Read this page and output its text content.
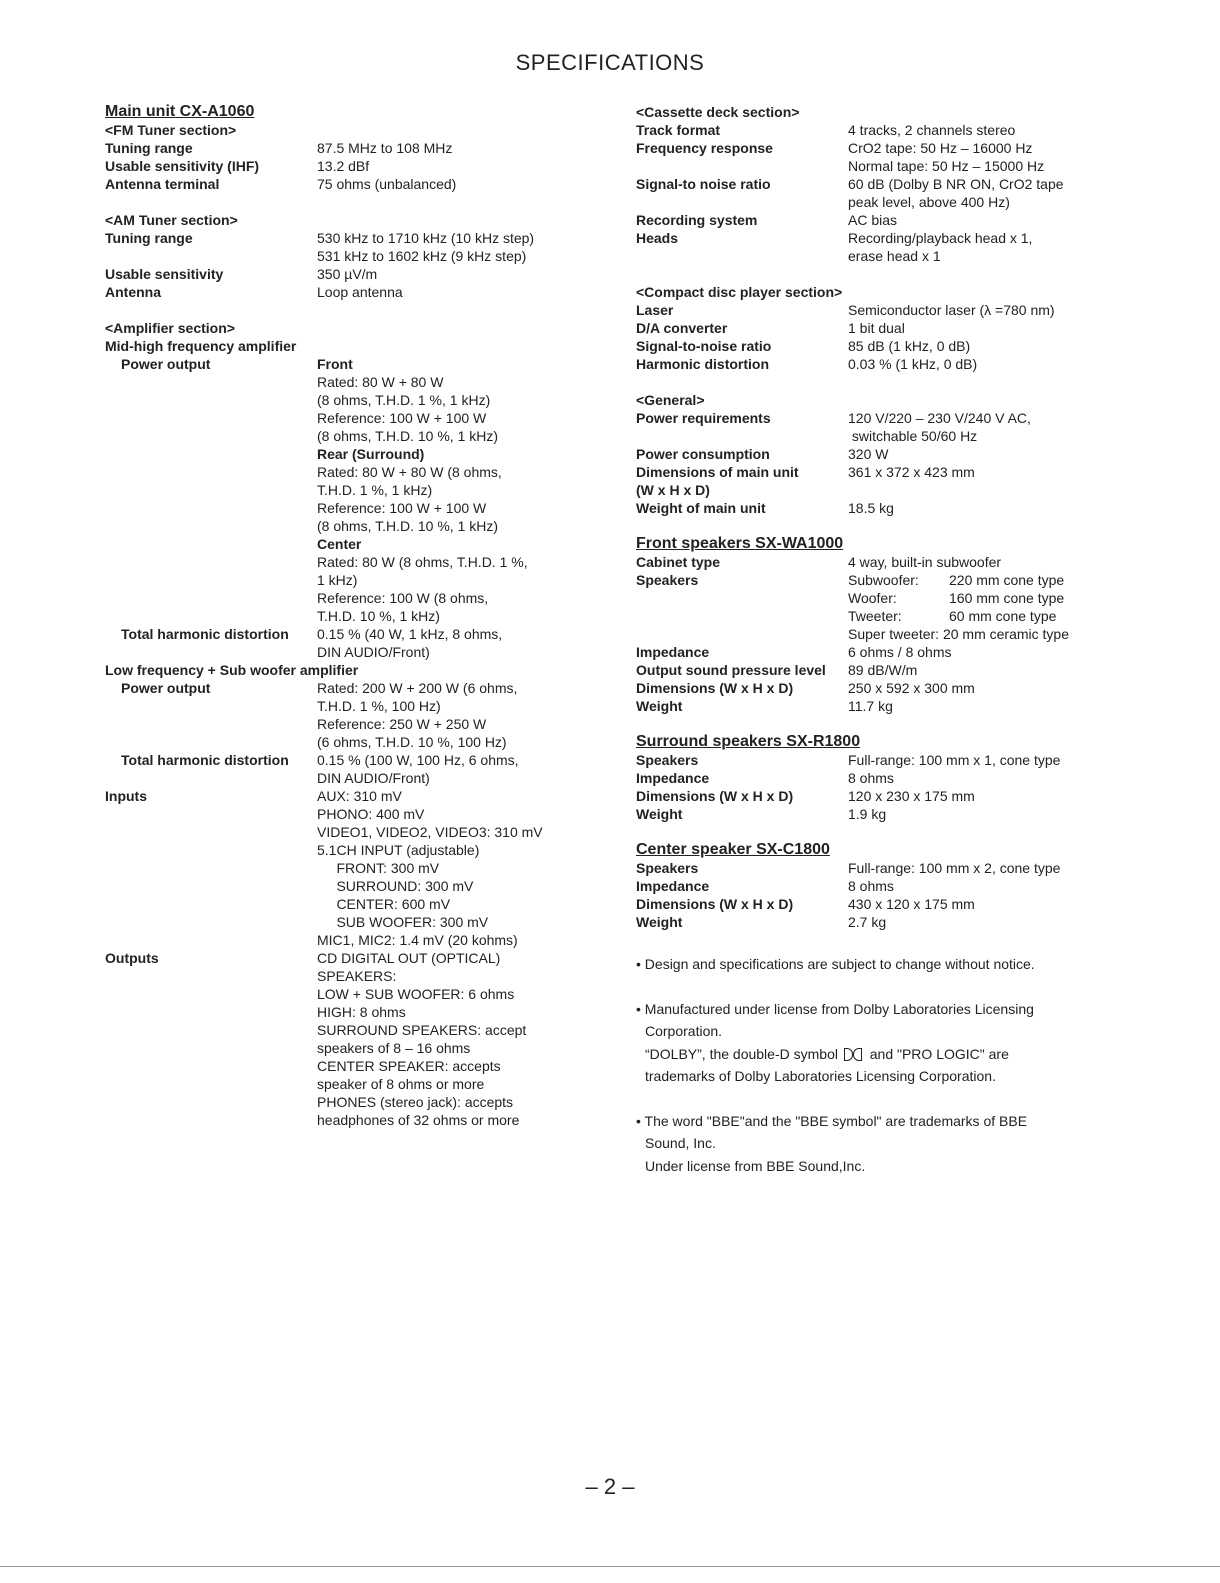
SPECIFICATIONS
Main unit CX-A1060
<FM Tuner section>
Tuning range	87.5 MHz to 108 MHz
Usable sensitivity (IHF)	13.2 dBf
Antenna terminal	75 ohms (unbalanced)
<AM Tuner section>
Tuning range	530 kHz to 1710 kHz (10 kHz step)
531 kHz to 1602 kHz (9 kHz step)
Usable sensitivity	350 µV/m
Antenna	Loop antenna
<Amplifier section>
Mid-high frequency amplifier
Power output	Front
Rated: 80 W + 80 W
(8 ohms, T.H.D. 1 %, 1 kHz)
Reference: 100 W + 100 W
(8 ohms, T.H.D. 10 %, 1 kHz)
Rear (Surround)
Rated: 80 W + 80 W (8 ohms,
T.H.D. 1 %, 1 kHz)
Reference: 100 W + 100 W
(8 ohms, T.H.D. 10 %, 1 kHz)
Center
Rated: 80 W (8 ohms, T.H.D. 1 %,
1 kHz)
Reference: 100 W (8 ohms,
T.H.D. 10 %, 1 kHz)
Total harmonic distortion	0.15 % (40 W, 1 kHz, 8 ohms,
DIN AUDIO/Front)
Low frequency + Sub woofer amplifier
Power output	Rated: 200 W + 200 W (6 ohms,
T.H.D. 1 %, 100 Hz)
Reference: 250 W + 250 W
(6 ohms, T.H.D. 10 %, 100 Hz)
Total harmonic distortion	0.15 % (100 W, 100 Hz, 6 ohms,
DIN AUDIO/Front)
Inputs	AUX: 310 mV
PHONO: 400 mV
VIDEO1, VIDEO2, VIDEO3: 310 mV
5.1CH INPUT (adjustable)
FRONT: 300 mV
SURROUND: 300 mV
CENTER: 600 mV
SUB WOOFER: 300 mV
MIC1, MIC2: 1.4 mV (20 kohms)
Outputs	CD DIGITAL OUT (OPTICAL)
SPEAKERS:
LOW + SUB WOOFER: 6 ohms
HIGH: 8 ohms
SURROUND SPEAKERS: accept
speakers of 8 – 16 ohms
CENTER SPEAKER: accepts
speaker of 8 ohms or more
PHONES (stereo jack): accepts
headphones of 32 ohms or more
<Cassette deck section>
Track format	4 tracks, 2 channels stereo
Frequency response	CrO2 tape: 50 Hz – 16000 Hz
Normal tape: 50 Hz – 15000 Hz
Signal-to noise ratio	60 dB (Dolby B NR ON, CrO2 tape
peak level, above 400 Hz)
Recording system	AC bias
Heads	Recording/playback head x 1,
erase head x 1
<Compact disc player section>
Laser	Semiconductor laser (λ =780 nm)
D/A converter	1 bit dual
Signal-to-noise ratio	85 dB (1 kHz, 0 dB)
Harmonic distortion	0.03 % (1 kHz, 0 dB)
<General>
Power requirements	120 V/220 – 230 V/240 V AC,
switchable 50/60 Hz
Power consumption	320 W
Dimensions of main unit	361 x 372 x 423 mm
(W x H x D)
Weight of main unit	18.5 kg
Front speakers SX-WA1000
Cabinet type	4 way, built-in subwoofer
Speakers	Subwoofer:	220 mm cone type
Woofer:	160 mm cone type
Tweeter:	60 mm cone type
Super tweeter: 20 mm ceramic type
Impedance	6 ohms / 8 ohms
Output sound pressure level	89 dB/W/m
Dimensions (W x H x D)	250 x 592 x 300 mm
Weight	11.7 kg
Surround speakers SX-R1800
Speakers	Full-range: 100 mm x 1, cone type
Impedance	8 ohms
Dimensions (W x H x D)	120 x 230 x 175 mm
Weight	1.9 kg
Center speaker SX-C1800
Speakers	Full-range: 100 mm x 2, cone type
Impedance	8 ohms
Dimensions (W x H x D)	430 x 120 x 175 mm
Weight	2.7 kg
• Design and specifications are subject to change without notice.
• Manufactured under license from Dolby Laboratories Licensing
Corporation.
“DOLBY”, the double-D symbol  and "PRO LOGIC" are
trademarks of Dolby Laboratories Licensing Corporation.
• The word "BBE"and the "BBE symbol" are trademarks of BBE
Sound, Inc.
Under license from BBE Sound,Inc.
– 2 –
